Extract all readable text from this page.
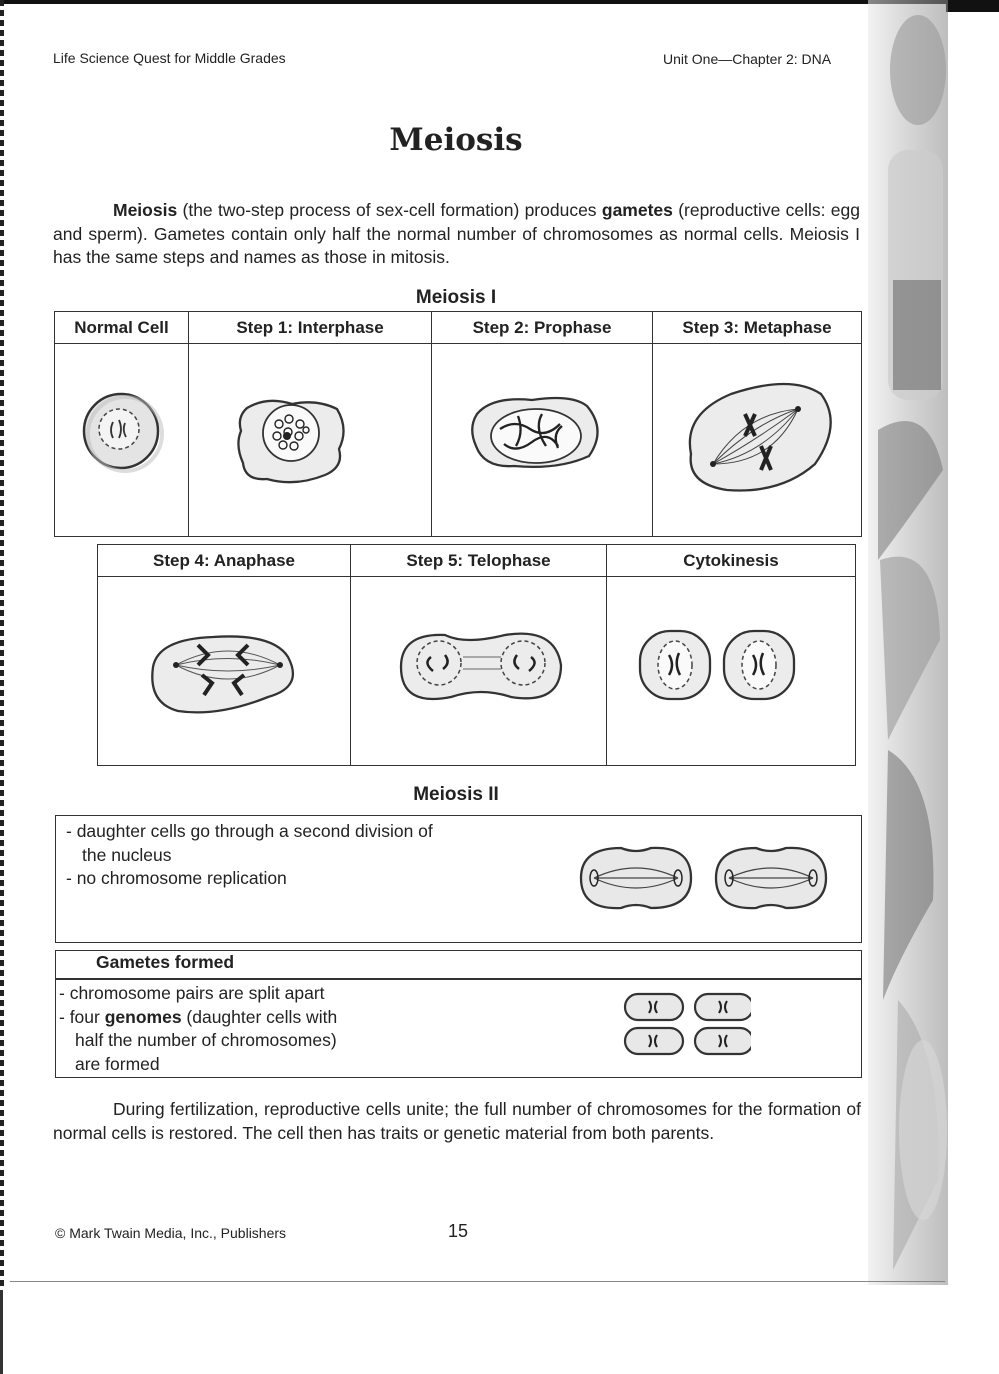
Life Science Quest for Middle Grades	Unit One—Chapter 2: DNA
Meiosis
Meiosis (the two-step process of sex-cell formation) produces gametes (reproductive cells: egg and sperm). Gametes contain only half the normal number of chromosomes as normal cells. Meiosis I has the same steps and names as those in mitosis.
Meiosis I
Normal Cell	Step 1: Interphase	Step 2: Prophase	Step 3: Metaphase

Step 4: Anaphase	Step 5: Telophase	Cytokinesis

Meiosis II
- daughter cells go through a second division of
the nucleus
- no chromosome replication
Gametes formed
- chromosome pairs are split apart
- four genomes (daughter cells with
half the number of chromosomes)
are formed
During fertilization, reproductive cells unite; the full number of chromosomes for the formation of normal cells is restored. The cell then has traits or genetic material from both parents.
© Mark Twain Media, Inc., Publishers	15
